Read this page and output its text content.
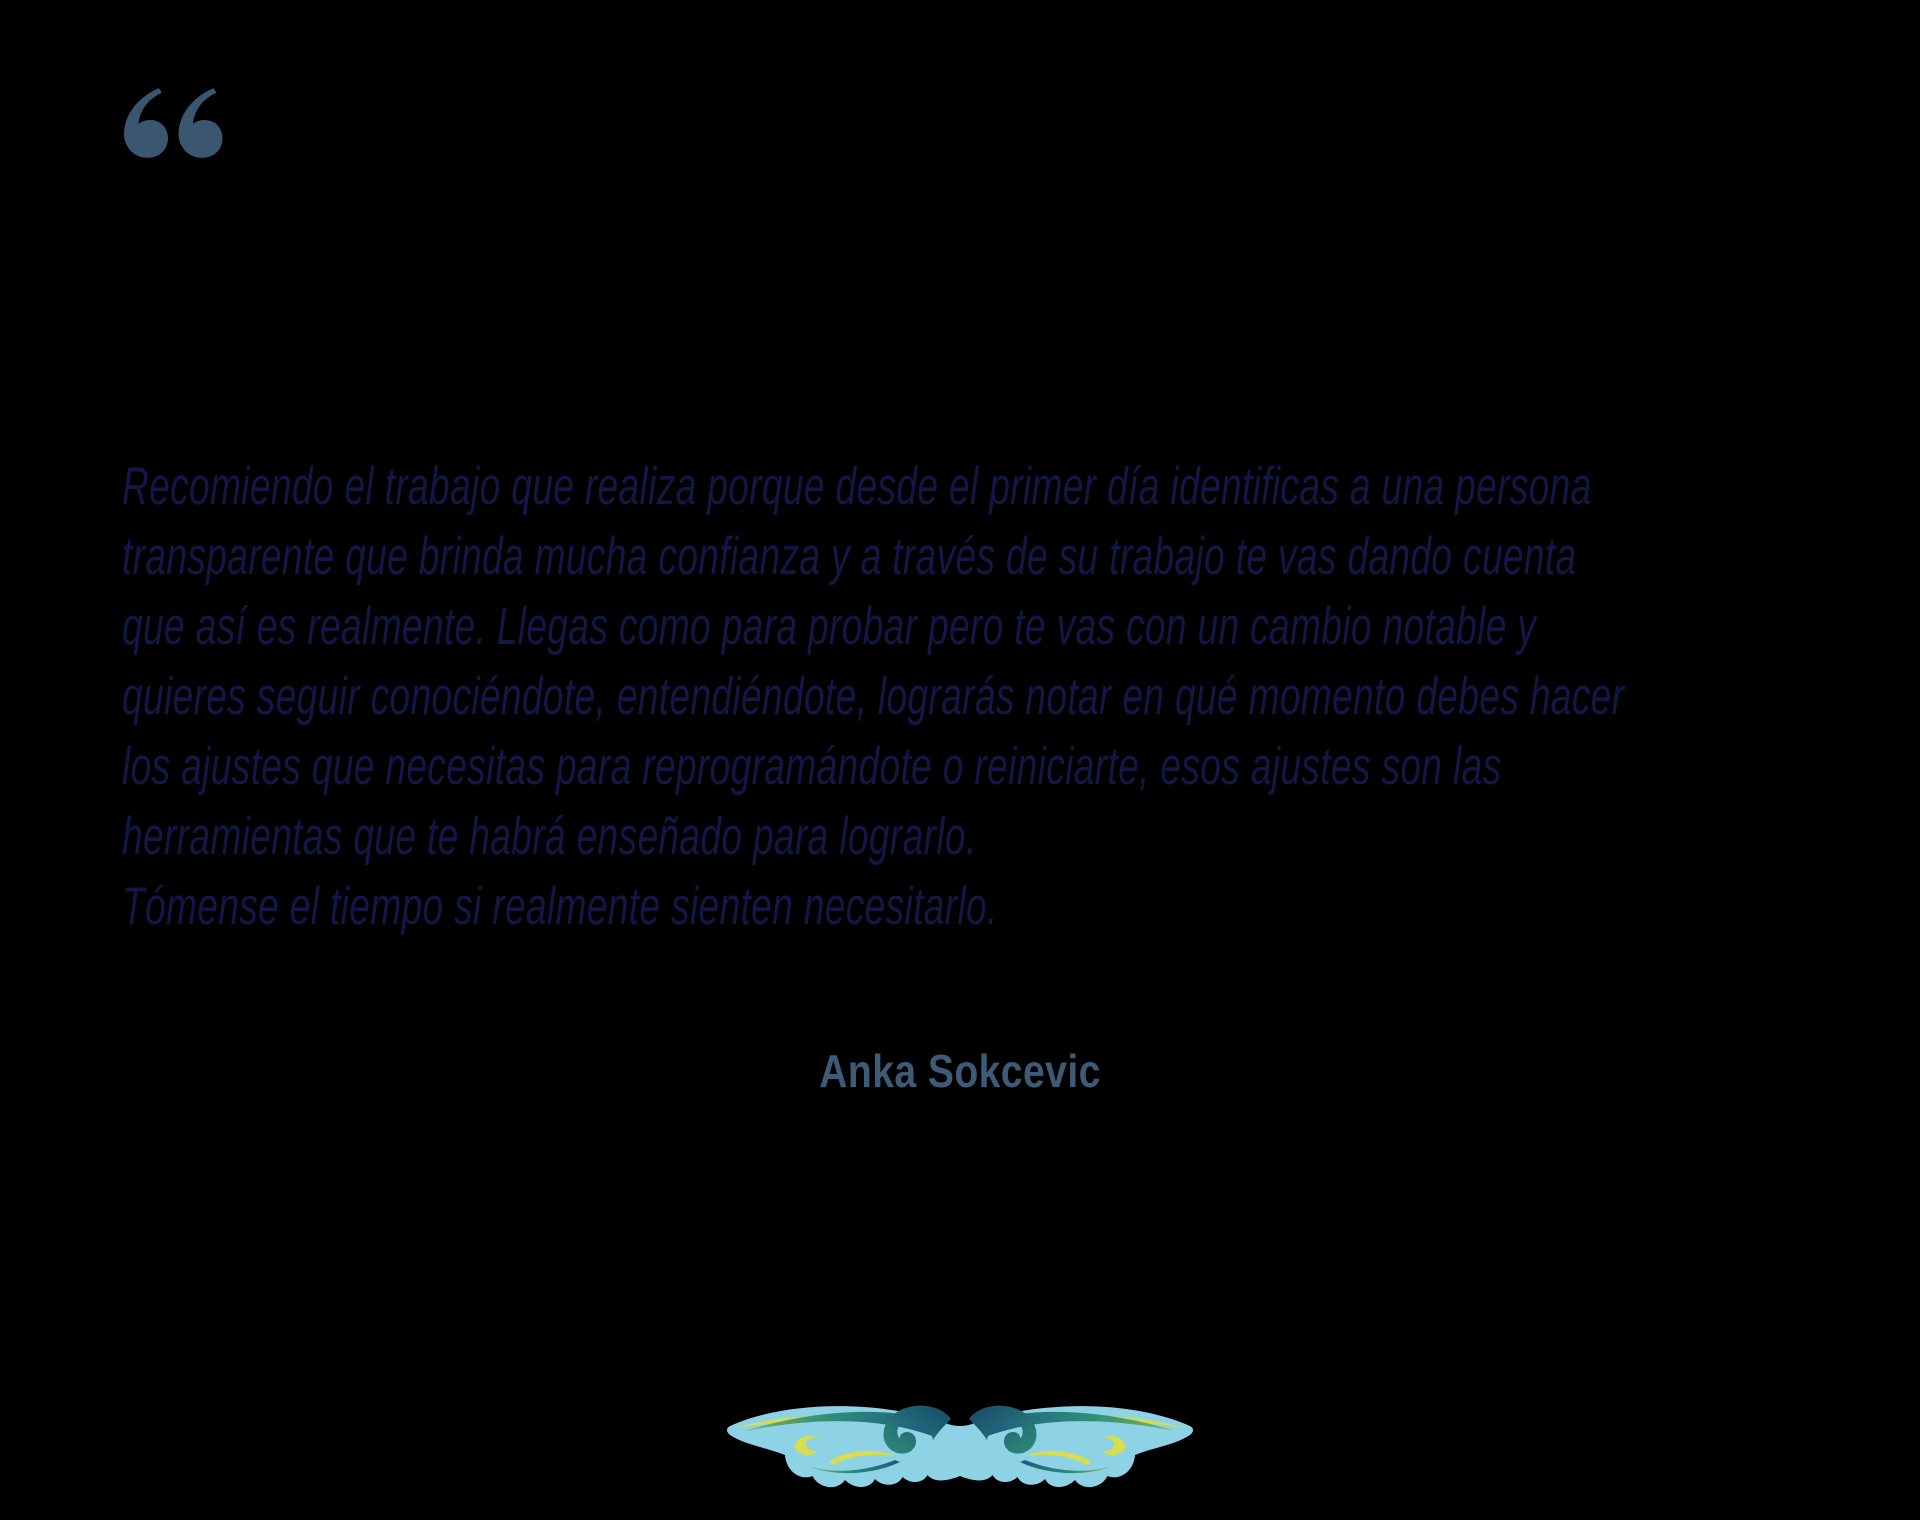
Recomiendo el trabajo que realiza porque desde el primer día identificas a una persona
transparente que brinda mucha confianza y a través de su trabajo te vas dando cuenta
que así es realmente. Llegas como para probar pero te vas con un cambio notable y
quieres seguir conociéndote, entendiéndote, lograrás notar en qué momento debes hacer
los ajustes que necesitas para reprogramándote o reiniciarte, esos ajustes son las
herramientas que te habrá enseñado para lograrlo.
Tómense el tiempo si realmente sienten necesitarlo.
Anka Sokcevic
